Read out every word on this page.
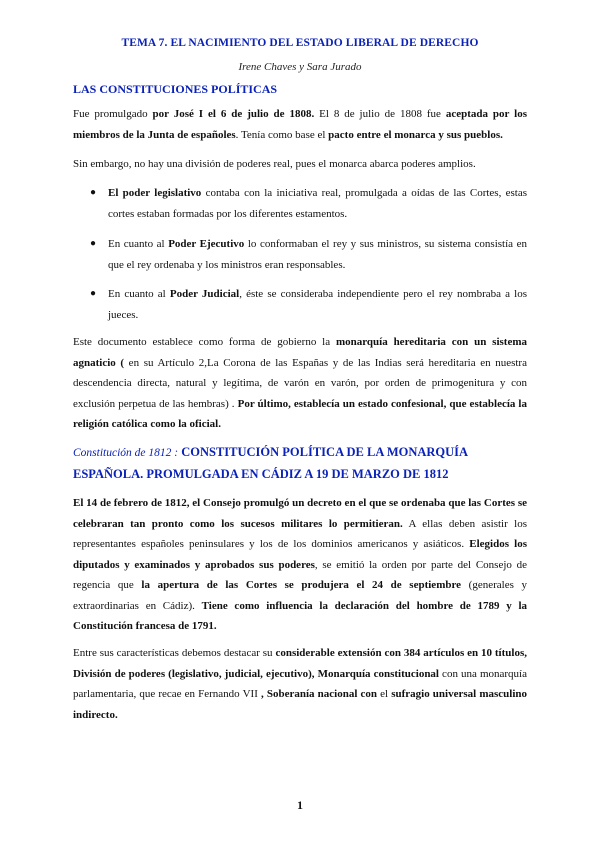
TEMA 7. EL NACIMIENTO DEL ESTADO LIBERAL DE DERECHO
Irene Chaves y Sara Jurado
LAS CONSTITUCIONES POLÍTICAS

Fue promulgado por José I el 6 de julio de 1808. El 8 de julio de 1808 fue aceptada por los miembros de la Junta de españoles. Tenía como base el pacto entre el monarca y sus pueblos.

Sin embargo, no hay una división de poderes real, pues el monarca abarca poderes amplios.

● El poder legislativo contaba con la iniciativa real, promulgada a oídas de las Cortes, estas cortes estaban formadas por los diferentes estamentos.
● En cuanto al Poder Ejecutivo lo conformaban el rey y sus ministros, su sistema consistía en que el rey ordenaba y los ministros eran responsables.
● En cuanto al Poder Judicial, éste se consideraba independiente pero el rey nombraba a los jueces.

Este documento establece como forma de gobierno la monarquía hereditaria con un sistema agnaticio ( en su Artículo 2,La Corona de las Españas y de las Indias será hereditaria en nuestra descendencia directa, natural y legítima, de varón en varón, por orden de primogenitura y con exclusión perpetua de las hembras) . Por último, establecía un estado confesional, que establecía la religión católica como la oficial.

Constitución de 1812 : CONSTITUCIÓN POLÍTICA DE LA MONARQUÍA ESPAÑOLA. PROMULGADA EN CÁDIZ A 19 DE MARZO DE 1812

El 14 de febrero de 1812, el Consejo promulgó un decreto en el que se ordenaba que las Cortes se celebraran tan pronto como los sucesos militares lo permitieran. A ellas deben asistir los representantes españoles peninsulares y los de los dominios americanos y asiáticos. Elegidos los diputados y examinados y aprobados sus poderes, se emitió la orden por parte del Consejo de regencia que la apertura de las Cortes se produjera el 24 de septiembre (generales y extraordinarias en Cádiz). Tiene como influencia la declaración del hombre de 1789 y la Constitución francesa de 1791.

Entre sus características debemos destacar su considerable extensión con 384 artículos en 10 títulos, División de poderes (legislativo, judicial, ejecutivo), Monarquía constitucional con una monarquía parlamentaria, que recae en Fernando VII , Soberanía nacional con el sufragio universal masculino indirecto.

1
